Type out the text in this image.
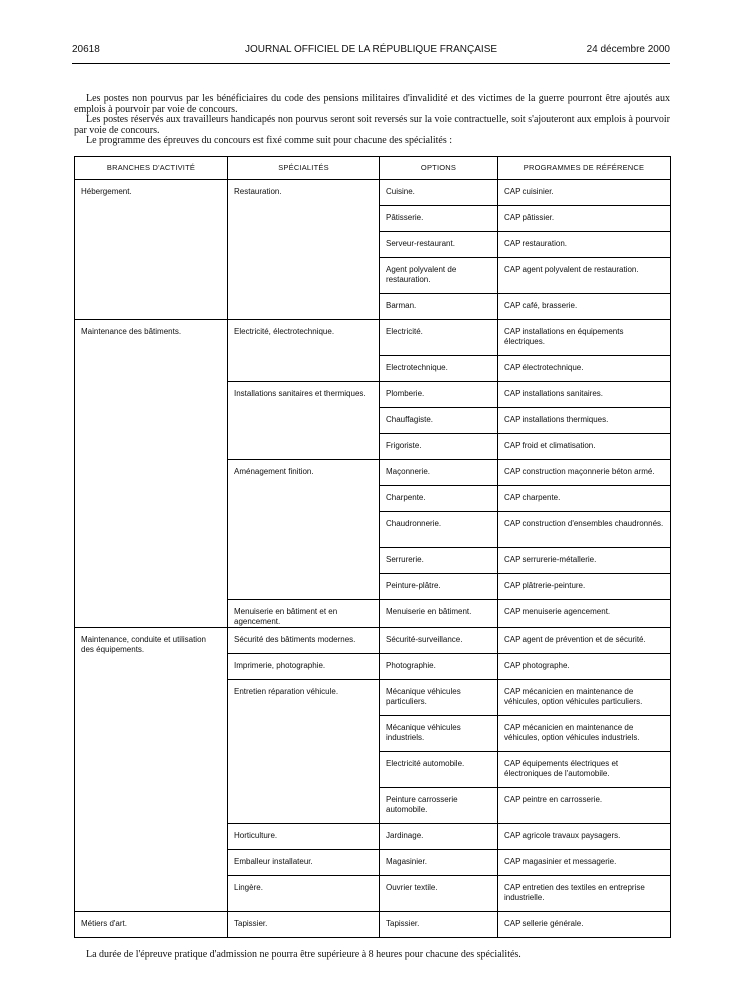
20618	JOURNAL OFFICIEL DE LA RÉPUBLIQUE FRANÇAISE	24 décembre 2000

Les postes non pourvus par les bénéficiaires du code des pensions militaires d'invalidité et des victimes de la guerre pourront être ajoutés aux emplois à pourvoir par voie de concours.

Les postes réservés aux travailleurs handicapés non pourvus seront soit reversés sur la voie contractuelle, soit s'ajouteront aux emplois à pourvoir par voie de concours.

Le programme des épreuves du concours est fixé comme suit pour chacune des spécialités :

BRANCHES D'ACTIVITÉ	SPÉCIALITÉS	OPTIONS	PROGRAMMES DE RÉFÉRENCE
Hébergement.	Restauration.	Cuisine.	CAP cuisinier.
		Pâtisserie.	CAP pâtissier.
		Serveur-restaurant.	CAP restauration.
		Agent polyvalent de restauration.	CAP agent polyvalent de restauration.
		Barman.	CAP café, brasserie.
Maintenance des bâtiments.	Electricité, électrotechnique.	Electricité.	CAP installations en équipements électriques.
		Electrotechnique.	CAP électrotechnique.
	Installations sanitaires et thermiques.	Plomberie.	CAP installations sanitaires.
		Chauffagiste.	CAP installations thermiques.
		Frigoriste.	CAP froid et climatisation.
	Aménagement finition.	Maçonnerie.	CAP construction maçonnerie béton armé.
		Charpente.	CAP charpente.
		Chaudronnerie.	CAP construction d'ensembles chaudronnés.
		Serrurerie.	CAP serrurerie-métallerie.
		Peinture-plâtre.	CAP plâtrerie-peinture.
	Menuiserie en bâtiment et en agencement.	Menuiserie en bâtiment.	CAP menuiserie agencement.
Maintenance, conduite et utilisation des équipements.	Sécurité des bâtiments modernes.	Sécurité-surveillance.	CAP agent de prévention et de sécurité.
	Imprimerie, photographie.	Photographie.	CAP photographe.
	Entretien réparation véhicule.	Mécanique véhicules particuliers.	CAP mécanicien en maintenance de véhicules, option véhicules particuliers.
		Mécanique véhicules industriels.	CAP mécanicien en maintenance de véhicules, option véhicules industriels.
		Electricité automobile.	CAP équipements électriques et électroniques de l'automobile.
		Peinture carrosserie automobile.	CAP peintre en carrosserie.
	Horticulture.	Jardinage.	CAP agricole travaux paysagers.
	Emballeur installateur.	Magasinier.	CAP magasinier et messagerie.
	Lingère.	Ouvrier textile.	CAP entretien des textiles en entreprise industrielle.
Métiers d'art.	Tapissier.	Tapissier.	CAP sellerie générale.
La durée de l'épreuve pratique d'admission ne pourra être supérieure à 8 heures pour chacune des spécialités.
